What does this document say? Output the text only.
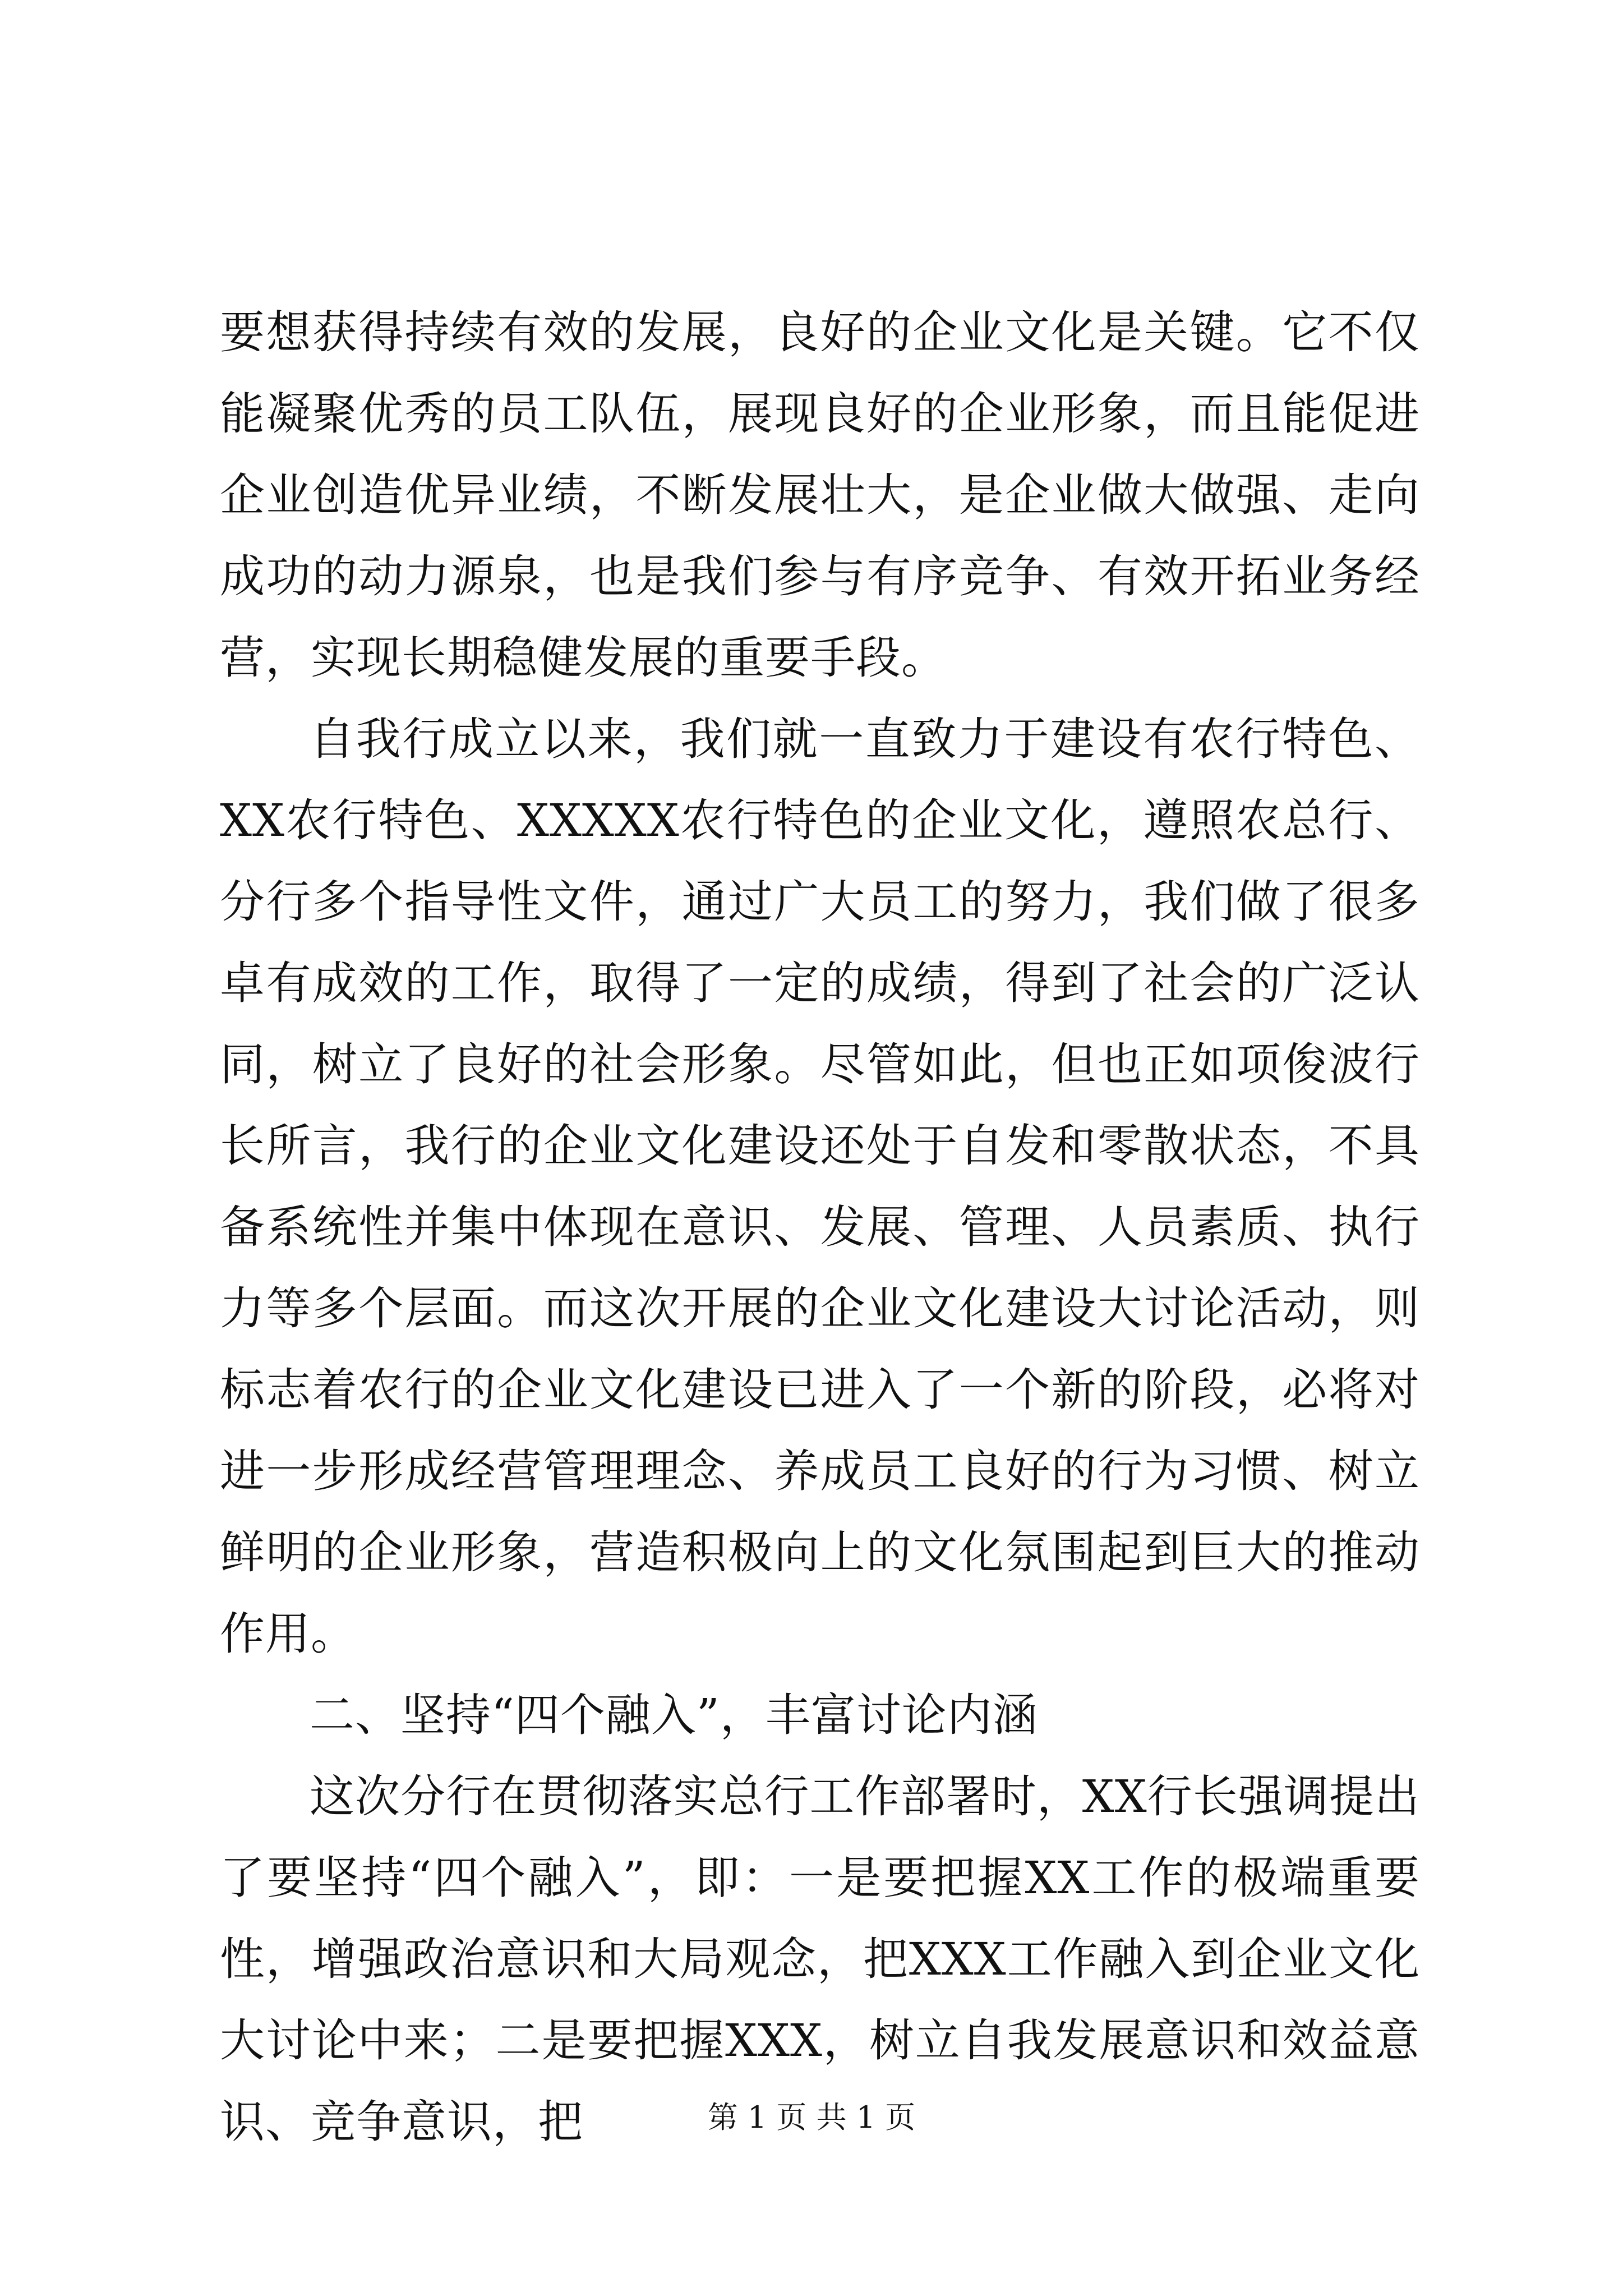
要想获得持续有效的发展，良好的企业文化是关键。它不仅能凝聚优秀的员工队伍，展现良好的企业形象，而且能促进企业创造优异业绩，不断发展壮大，是企业做大做强、走向成功的动力源泉，也是我们参与有序竞争、有效开拓业务经营，实现长期稳健发展的重要手段。

自我行成立以来，我们就一直致力于建设有农行特色、XX农行特色、XXXXX农行特色的企业文化，遵照农总行、分行多个指导性文件，通过广大员工的努力，我们做了很多卓有成效的工作，取得了一定的成绩，得到了社会的广泛认同，树立了良好的社会形象。尽管如此，但也正如项俊波行长所言，我行的企业文化建设还处于自发和零散状态，不具备系统性并集中体现在意识、发展、管理、人员素质、执行力等多个层面。而这次开展的企业文化建设大讨论活动，则标志着农行的企业文化建设已进入了一个新的阶段，必将对进一步形成经营管理理念、养成员工良好的行为习惯、树立鲜明的企业形象，营造积极向上的文化氛围起到巨大的推动作用。

二、坚持“四个融入”，丰富讨论内涵

这次分行在贯彻落实总行工作部署时，XX行长强调提出了要坚持“四个融入”，即：一是要把握XX工作的极端重要性，增强政治意识和大局观念，把XXX工作融入到企业文化大讨论中来；二是要把握XXX，树立自我发展意识和效益意识、竞争意识，把	第 1 页 共 1 页
